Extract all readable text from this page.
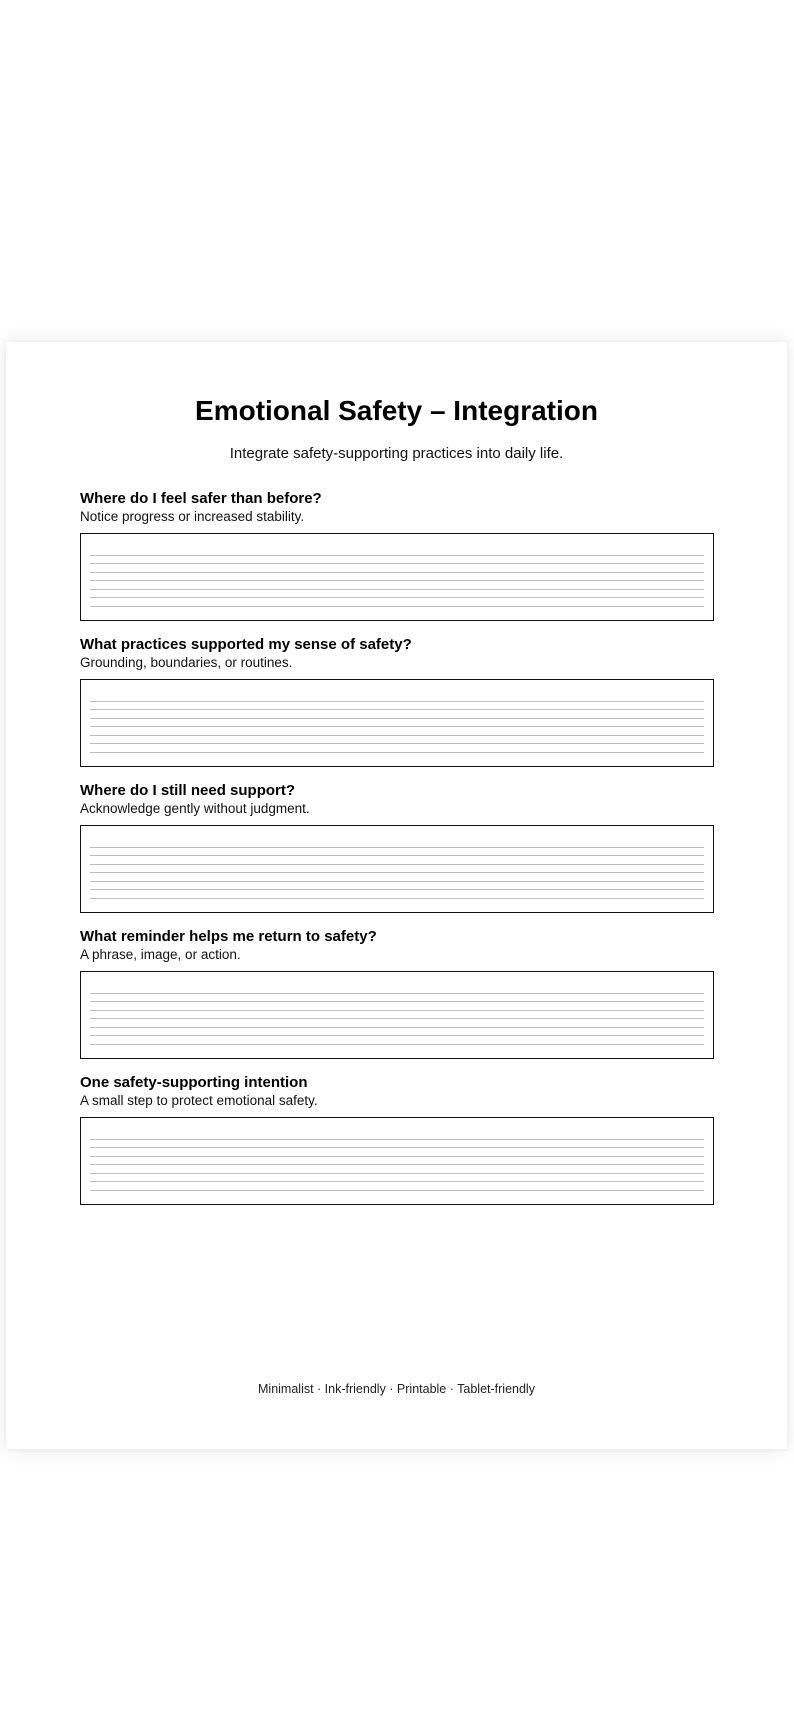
Emotional Safety – Integration

Integrate safety-supporting practices into daily life.

Where do I feel safer than before?

Notice progress or increased stability.

What practices supported my sense of safety?

Grounding, boundaries, or routines.

Where do I still need support?

Acknowledge gently without judgment.

What reminder helps me return to safety?

A phrase, image, or action.

One safety-supporting intention

A small step to protect emotional safety.

Minimalist · Ink-friendly · Printable · Tablet-friendly
